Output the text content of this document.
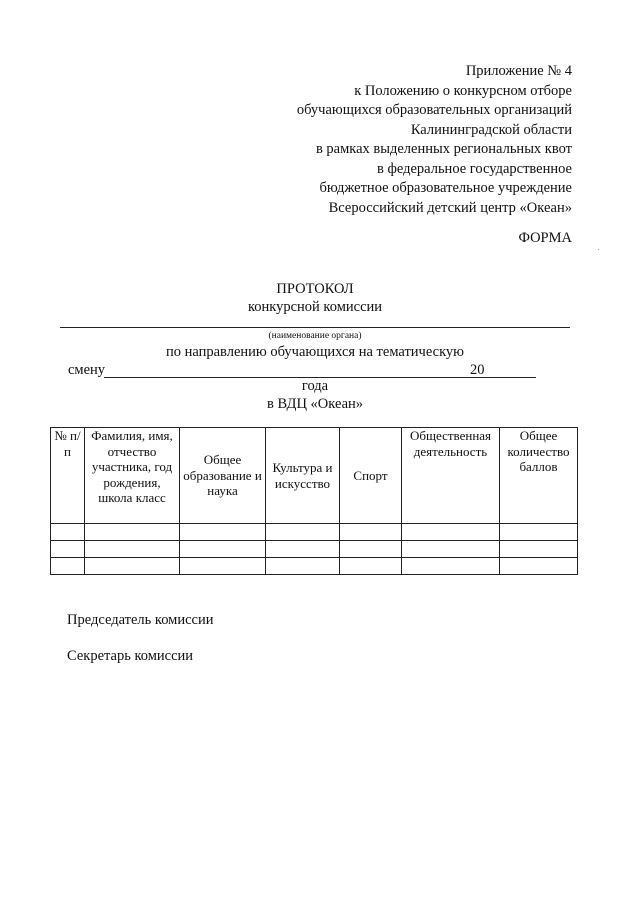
Приложение № 4
к Положению о конкурсном отборе
обучающихся образовательных организаций
Калининградской области
в рамках выделенных региональных квот
в федеральное государственное
бюджетное образовательное учреждение
Всероссийский детский центр «Океан»
ФОРМА
ПРОТОКОЛ
конкурсной комиссии
(наименование органа)
по направлению обучающихся на тематическую
смену	20
года
в ВДЦ «Океан»
№ п/п	Фамилия, имя, отчество участника, год рождения, школа класс	Общее образование и наука	Культура и искусство	Спорт	Общественная деятельность	Общее количество баллов

Председатель комиссии
Секретарь комиссии
